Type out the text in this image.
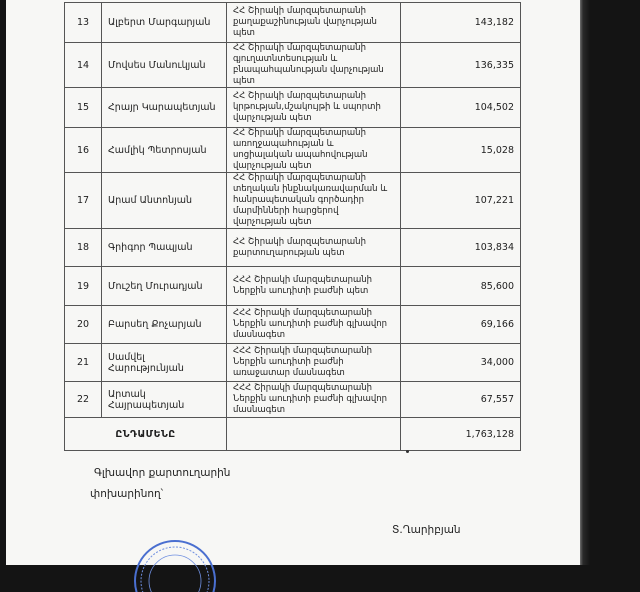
13	Ալբերտ Մարգարյան	ՀՀ Շիրակի մարզպետարանի քաղաքաշինության վարչության պետ	143,182
14	Մովսես Մանուկյան	ՀՀ Շիրակի մարզպետարանի գյուղատնտեսության և բնապահպանության վարչության պետ	136,335
15	Հրայր Կարապետյան	ՀՀ Շիրակի մարզպետարանի կրթության,մշակույթի և սպորտի վարչության պետ	104,502
16	Համլիկ Պետրոսյան	ՀՀ Շիրակի մարզպետարանի առողջապահության և սոցիալական ապահովության վարչության պետ	15,028
17	Արամ Անտոնյան	ՀՀ Շիրակի մարզպետարանի տեղական ինքնակառավարման և հանրապետական գործադիր մարմինների հարցերով վարչության պետ	107,221
18	Գրիգոր Պապյան	ՀՀ Շիրակի մարզպետարանի քարտուղարության պետ	103,834
19	Մուշեղ Մուրադյան	ՀՀՀ Շիրակի մարզպետարանի Ներքին աուդիտի բաժնի պետ	85,600
20	Բարսեղ Քոչարյան	ՀՀՀ Շիրակի մարզպետարանի Ներքին աուդիտի բաժնի գլխավոր մասնագետ	69,166
21	Սամվել Հարությունյան	ՀՀՀ Շիրակի մարզպետարանի Ներքին աուդիտի բաժնի առաջատար մասնագետ	34,000
22	Արտակ Հայրապետյան	ՀՀՀ Շիրակի մարզպետարանի Ներքին աուդիտի բաժնի գլխավոր մասնագետ	67,557
ԸՆԴԱՄԵՆԸ			1,763,128
Գլխավոր քարտուղարին
փոխարինող՝
Տ.Ղարիբյան
